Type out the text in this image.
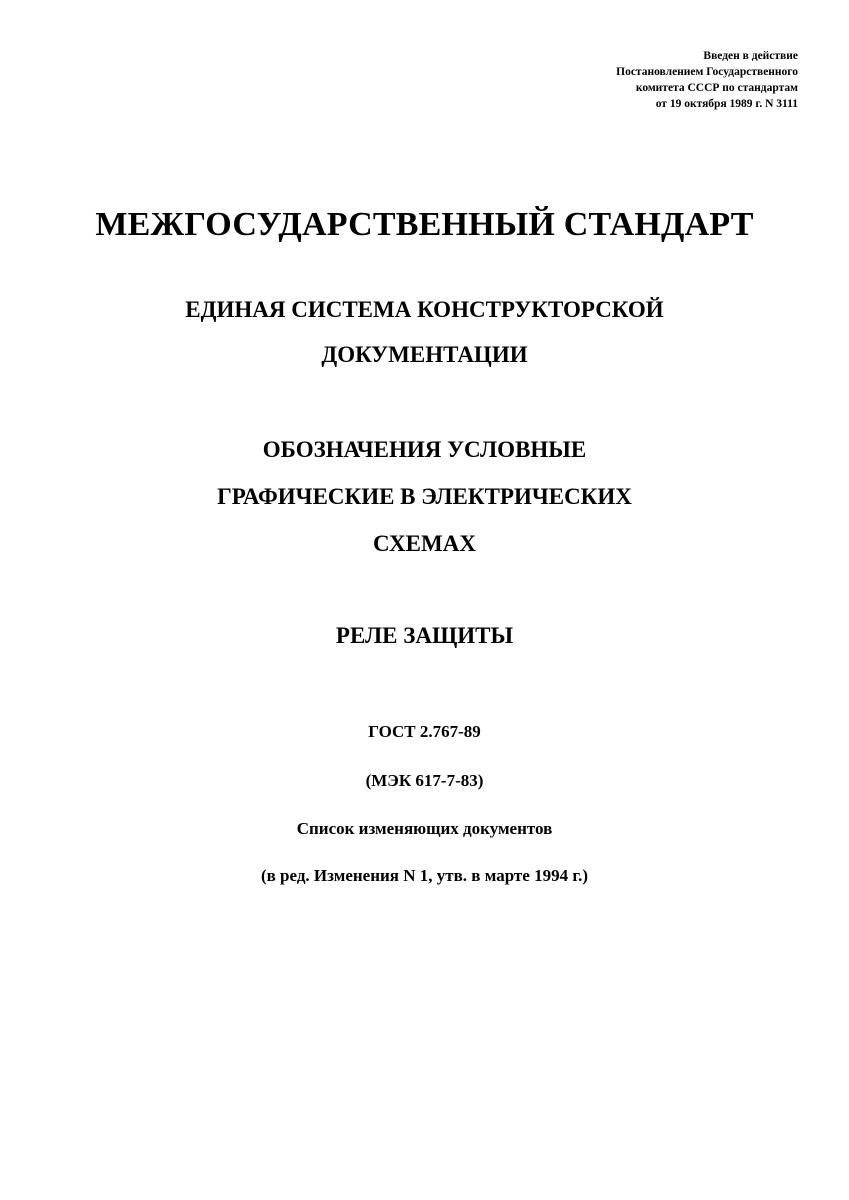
Введен в действие
Постановлением Государственного
комитета СССР по стандартам
от 19 октября 1989 г. N 3111
МЕЖГОСУДАРСТВЕННЫЙ СТАНДАРТ
ЕДИНАЯ СИСТЕМА КОНСТРУКТОРСКОЙ
ДОКУМЕНТАЦИИ
ОБОЗНАЧЕНИЯ УСЛОВНЫЕ
ГРАФИЧЕСКИЕ В ЭЛЕКТРИЧЕСКИХ
СХЕМАХ
РЕЛЕ ЗАЩИТЫ
ГОСТ 2.767-89
(МЭК 617-7-83)
Список изменяющих документов
(в ред. Изменения N 1, утв. в марте 1994 г.)
